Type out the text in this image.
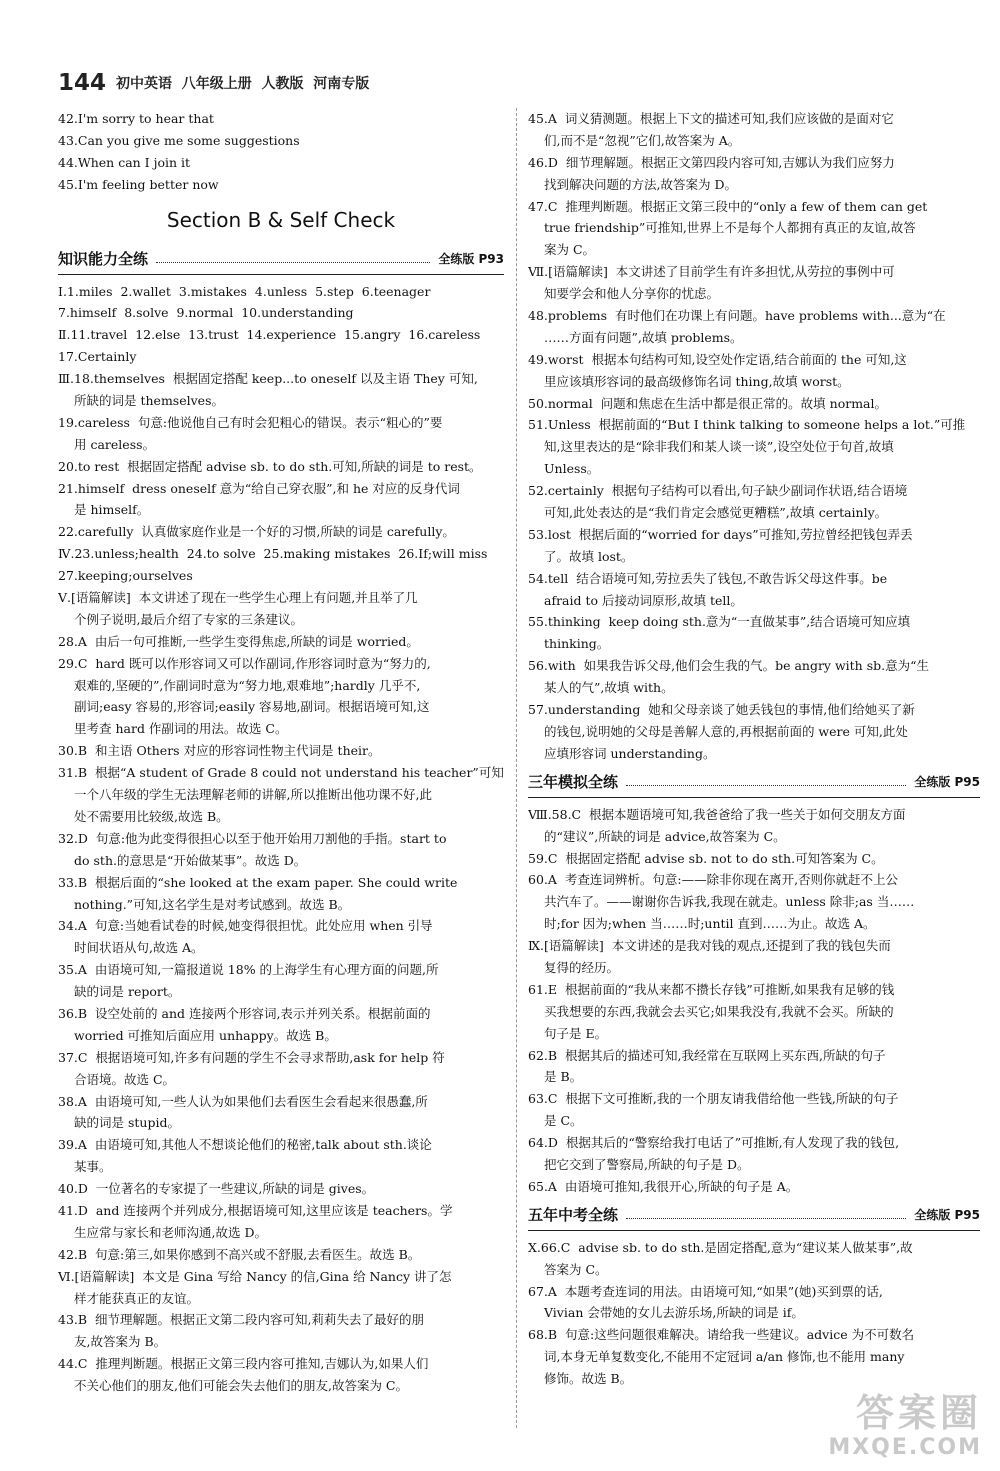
144 初中英语  八年级上册  人教版  河南专版
42.I'm sorry to hear that
43.Can you give me some suggestions
44.When can I join it
45.I'm feeling better now
Section B & Self Check
知识能力全练	全练版 P93
Ⅰ.1.miles  2.wallet  3.mistakes  4.unless  5.step  6.teenager
7.himself  8.solve  9.normal  10.understanding
Ⅱ.11.travel  12.else  13.trust  14.experience  15.angry  16.careless
17.Certainly
Ⅲ.18.themselves  根据固定搭配 keep...to oneself 以及主语 They 可知,
所缺的词是 themselves。
19.careless  句意:他说他自己有时会犯粗心的错误。表示“粗心的”要
用 careless。
20.to rest  根据固定搭配 advise sb. to do sth.可知,所缺的词是 to rest。
21.himself  dress oneself 意为“给自己穿衣服”,和 he 对应的反身代词
是 himself。
22.carefully  认真做家庭作业是一个好的习惯,所缺的词是 carefully。
Ⅳ.23.unless;health  24.to solve  25.making mistakes  26.If;will miss
27.keeping;ourselves
Ⅴ.[语篇解读]  本文讲述了现在一些学生心理上有问题,并且举了几
个例子说明,最后介绍了专家的三条建议。
28.A  由后一句可推断,一些学生变得焦虑,所缺的词是 worried。
29.C  hard 既可以作形容词又可以作副词,作形容词时意为“努力的,
艰难的,坚硬的”,作副词时意为“努力地,艰难地”;hardly 几乎不,
副词;easy 容易的,形容词;easily 容易地,副词。根据语境可知,这
里考查 hard 作副词的用法。故选 C。
30.B  和主语 Others 对应的形容词性物主代词是 their。
31.B  根据“A student of Grade 8 could not understand his teacher”可知
一个八年级的学生无法理解老师的讲解,所以推断出他功课不好,此
处不需要用比较级,故选 B。
32.D  句意:他为此变得很担心以至于他开始用刀割他的手指。start to
do sth.的意思是“开始做某事”。故选 D。
33.B  根据后面的“she looked at the exam paper. She could write
nothing.”可知,这名学生是对考试感到。故选 B。
34.A  句意:当她看试卷的时候,她变得很担忧。此处应用 when 引导
时间状语从句,故选 A。
35.A  由语境可知,一篇报道说 18% 的上海学生有心理方面的问题,所
缺的词是 report。
36.B  设空处前的 and 连接两个形容词,表示并列关系。根据前面的
worried 可推知后面应用 unhappy。故选 B。
37.C  根据语境可知,许多有问题的学生不会寻求帮助,ask for help 符
合语境。故选 C。
38.A  由语境可知,一些人认为如果他们去看医生会看起来很愚蠢,所
缺的词是 stupid。
39.A  由语境可知,其他人不想谈论他们的秘密,talk about sth.谈论
某事。
40.D  一位著名的专家提了一些建议,所缺的词是 gives。
41.D  and 连接两个并列成分,根据语境可知,这里应该是 teachers。学
生应常与家长和老师沟通,故选 D。
42.B  句意:第三,如果你感到不高兴或不舒服,去看医生。故选 B。
Ⅵ.[语篇解读]  本文是 Gina 写给 Nancy 的信,Gina 给 Nancy 讲了怎
样才能获真正的友谊。
43.B  细节理解题。根据正文第二段内容可知,莉莉失去了最好的朋
友,故答案为 B。
44.C  推理判断题。根据正文第三段内容可推知,吉娜认为,如果人们
不关心他们的朋友,他们可能会失去他们的朋友,故答案为 C。
45.A  词义猜测题。根据上下文的描述可知,我们应该做的是面对它
们,而不是“忽视”它们,故答案为 A。
46.D  细节理解题。根据正文第四段内容可知,吉娜认为我们应努力
找到解决问题的方法,故答案为 D。
47.C  推理判断题。根据正文第三段中的“only a few of them can get
true friendship”可推知,世界上不是每个人都拥有真正的友谊,故答
案为 C。
Ⅶ.[语篇解读]  本文讲述了目前学生有许多担忧,从劳拉的事例中可
知要学会和他人分享你的忧虑。
48.problems  有时他们在功课上有问题。have problems with...意为“在
……方面有问题”,故填 problems。
49.worst  根据本句结构可知,设空处作定语,结合前面的 the 可知,这
里应该填形容词的最高级修饰名词 thing,故填 worst。
50.normal  问题和焦虑在生活中都是很正常的。故填 normal。
51.Unless  根据前面的“But I think talking to someone helps a lot.”可推
知,这里表达的是“除非我们和某人谈一谈”,设空处位于句首,故填
Unless。
52.certainly  根据句子结构可以看出,句子缺少副词作状语,结合语境
可知,此处表达的是“我们肯定会感觉更糟糕”,故填 certainly。
53.lost  根据后面的“worried for days”可推知,劳拉曾经把钱包弄丢
了。故填 lost。
54.tell  结合语境可知,劳拉丢失了钱包,不敢告诉父母这件事。be
afraid to 后接动词原形,故填 tell。
55.thinking  keep doing sth.意为“一直做某事”,结合语境可知应填
thinking。
56.with  如果我告诉父母,他们会生我的气。be angry with sb.意为“生
某人的气”,故填 with。
57.understanding  她和父母亲谈了她丢钱包的事情,他们给她买了新
的钱包,说明她的父母是善解人意的,再根据前面的 were 可知,此处
应填形容词 understanding。
三年模拟全练	全练版 P95
Ⅷ.58.C  根据本题语境可知,我爸爸给了我一些关于如何交朋友方面
的“建议”,所缺的词是 advice,故答案为 C。
59.C  根据固定搭配 advise sb. not to do sth.可知答案为 C。
60.A  考查连词辨析。句意:——除非你现在离开,否则你就赶不上公
共汽车了。——谢谢你告诉我,我现在就走。unless 除非;as 当……
时;for 因为;when 当……时;until 直到……为止。故选 A。
Ⅸ.[语篇解读]  本文讲述的是我对钱的观点,还提到了我的钱包失而
复得的经历。
61.E  根据前面的“我从来都不攒长存钱”可推断,如果我有足够的钱
买我想要的东西,我就会去买它;如果我没有,我就不会买。所缺的
句子是 E。
62.B  根据其后的描述可知,我经常在互联网上买东西,所缺的句子
是 B。
63.C  根据下文可推断,我的一个朋友请我借给他一些钱,所缺的句子
是 C。
64.D  根据其后的“警察给我打电话了”可推断,有人发现了我的钱包,
把它交到了警察局,所缺的句子是 D。
65.A  由语境可推知,我很开心,所缺的句子是 A。
五年中考全练	全练版 P95
Ⅹ.66.C  advise sb. to do sth.是固定搭配,意为“建议某人做某事”,故
答案为 C。
67.A  本题考查连词的用法。由语境可知,“如果”(她)买到票的话,
Vivian 会带她的女儿去游乐场,所缺的词是 if。
68.B  句意:这些问题很难解决。请给我一些建议。advice 为不可数名
词,本身无单复数变化,不能用不定冠词 a/an 修饰,也不能用 many
修饰。故选 B。
答案圈
MXQE.COM
